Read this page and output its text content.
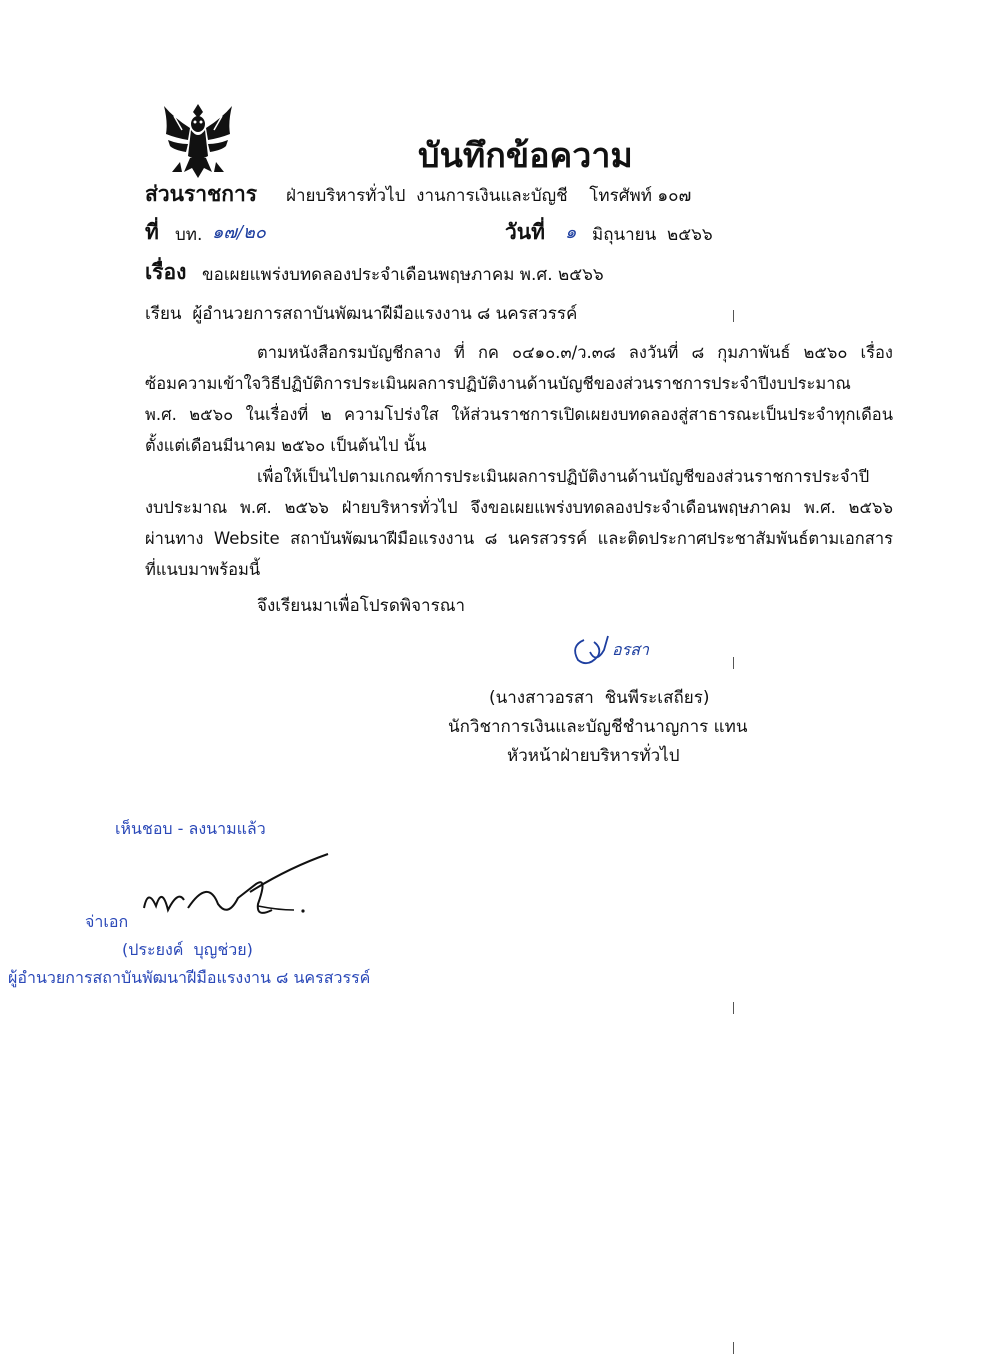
บันทึกข้อความ
ส่วนราชการ ฝ่ายบริหารทั่วไป  งานการเงินและบัญชี    โทรศัพท์ ๑๐๗
ที่ บท. ๑๗/๒๐	วันที่ ๑ มิถุนายน  ๒๕๖๖
เรื่อง ขอเผยแพร่งบทดลองประจำเดือนพฤษภาคม พ.ศ. ๒๕๖๖
เรียน  ผู้อำนวยการสถาบันพัฒนาฝีมือแรงงาน ๘ นครสวรรค์
ตามหนังสือกรมบัญชีกลาง ที่ กค ๐๔๑๐.๓/ว.๓๘ ลงวันที่ ๘ กุมภาพันธ์ ๒๕๖๐ เรื่อง
ซ้อมความเข้าใจวิธีปฏิบัติการประเมินผลการปฏิบัติงานด้านบัญชีของส่วนราชการประจำปีงบประมาณ
พ.ศ. ๒๕๖๐ ในเรื่องที่ ๒ ความโปร่งใส ให้ส่วนราชการเปิดเผยงบทดลองสู่สาธารณะเป็นประจำทุกเดือน
ตั้งแต่เดือนมีนาคม ๒๕๖๐ เป็นต้นไป นั้น
เพื่อให้เป็นไปตามเกณฑ์การประเมินผลการปฏิบัติงานด้านบัญชีของส่วนราชการประจำปี
งบประมาณ พ.ศ. ๒๕๖๖ ฝ่ายบริหารทั่วไป จึงขอเผยแพร่งบทดลองประจำเดือนพฤษภาคม พ.ศ. ๒๕๖๖
ผ่านทาง Website สถาบันพัฒนาฝีมือแรงงาน ๘ นครสวรรค์ และติดประกาศประชาสัมพันธ์ตามเอกสาร
ที่แนบมาพร้อมนี้
จึงเรียนมาเพื่อโปรดพิจารณา
อรสา
(นางสาวอรสา  ชินพีระเสถียร)
นักวิชาการเงินและบัญชีชำนาญการ แทน
หัวหน้าฝ่ายบริหารทั่วไป
เห็นชอบ - ลงนามแล้ว
จ่าเอก
(ประยงค์  บุญช่วย)
ผู้อำนวยการสถาบันพัฒนาฝีมือแรงงาน ๘ นครสวรรค์
